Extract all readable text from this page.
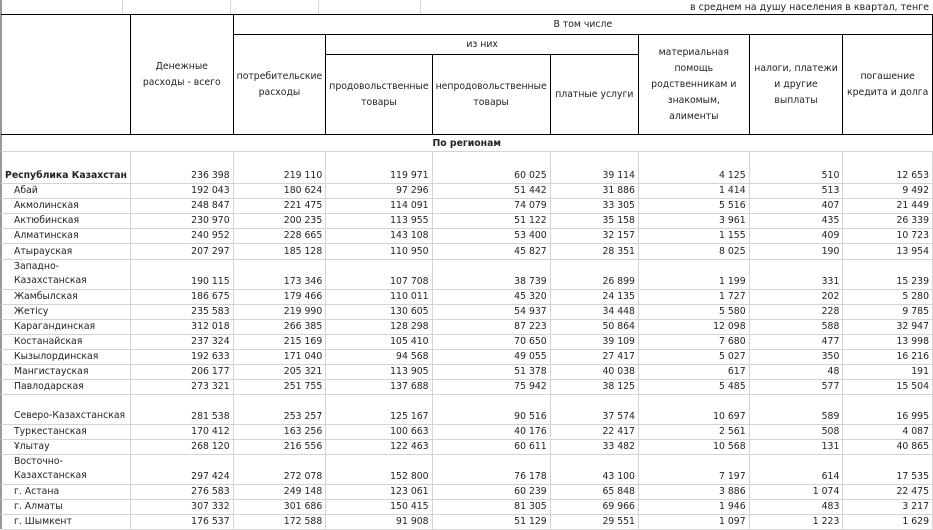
в среднем на душу населения в квартал, тенге
	Денежные расходы - всего	В том числе						
		потребительские расходы	из них			материальная помощь родственникам и знакомым, алименты	налоги, платежи и другие выплаты	погашение кредита и долга
			продовольственные товары	непродовольственные товары	платные услуги			
По регионам								

Республика Казахстан	236 398	219 110	119 971	60 025	39 114	4 125	510	12 653
Абай	192 043	180 624	97 296	51 442	31 886	1 414	513	9 492
Акмолинская	248 847	221 475	114 091	74 079	33 305	5 516	407	21 449
Актюбинская	230 970	200 235	113 955	51 122	35 158	3 961	435	26 339
Алматинская	240 952	228 665	143 108	53 400	32 157	1 155	409	10 723
Атырауская	207 297	185 128	110 950	45 827	28 351	8 025	190	13 954
Западно-Казахстанская	190 115	173 346	107 708	38 739	26 899	1 199	331	15 239
Жамбылская	186 675	179 466	110 011	45 320	24 135	1 727	202	5 280
Жетісу	235 583	219 990	130 605	54 937	34 448	5 580	228	9 785
Карагандинская	312 018	266 385	128 298	87 223	50 864	12 098	588	32 947
Костанайская	237 324	215 169	105 410	70 650	39 109	7 680	477	13 998
Кызылординская	192 633	171 040	94 568	49 055	27 417	5 027	350	16 216
Мангистауская	206 177	205 321	113 905	51 378	40 038	617	48	191
Павлодарская	273 321	251 755	137 688	75 942	38 125	5 485	577	15 504
Северо-Казахстанская	281 538	253 257	125 167	90 516	37 574	10 697	589	16 995
Туркестанская	170 412	163 256	100 663	40 176	22 417	2 561	508	4 087
Ұлытау	268 120	216 556	122 463	60 611	33 482	10 568	131	40 865
Восточно-Казахстанская	297 424	272 078	152 800	76 178	43 100	7 197	614	17 535
г. Астана	276 583	249 148	123 061	60 239	65 848	3 886	1 074	22 475
г. Алматы	307 332	301 686	150 415	81 305	69 966	1 946	483	3 217
г. Шымкент	176 537	172 588	91 908	51 129	29 551	1 097	1 223	1 629
